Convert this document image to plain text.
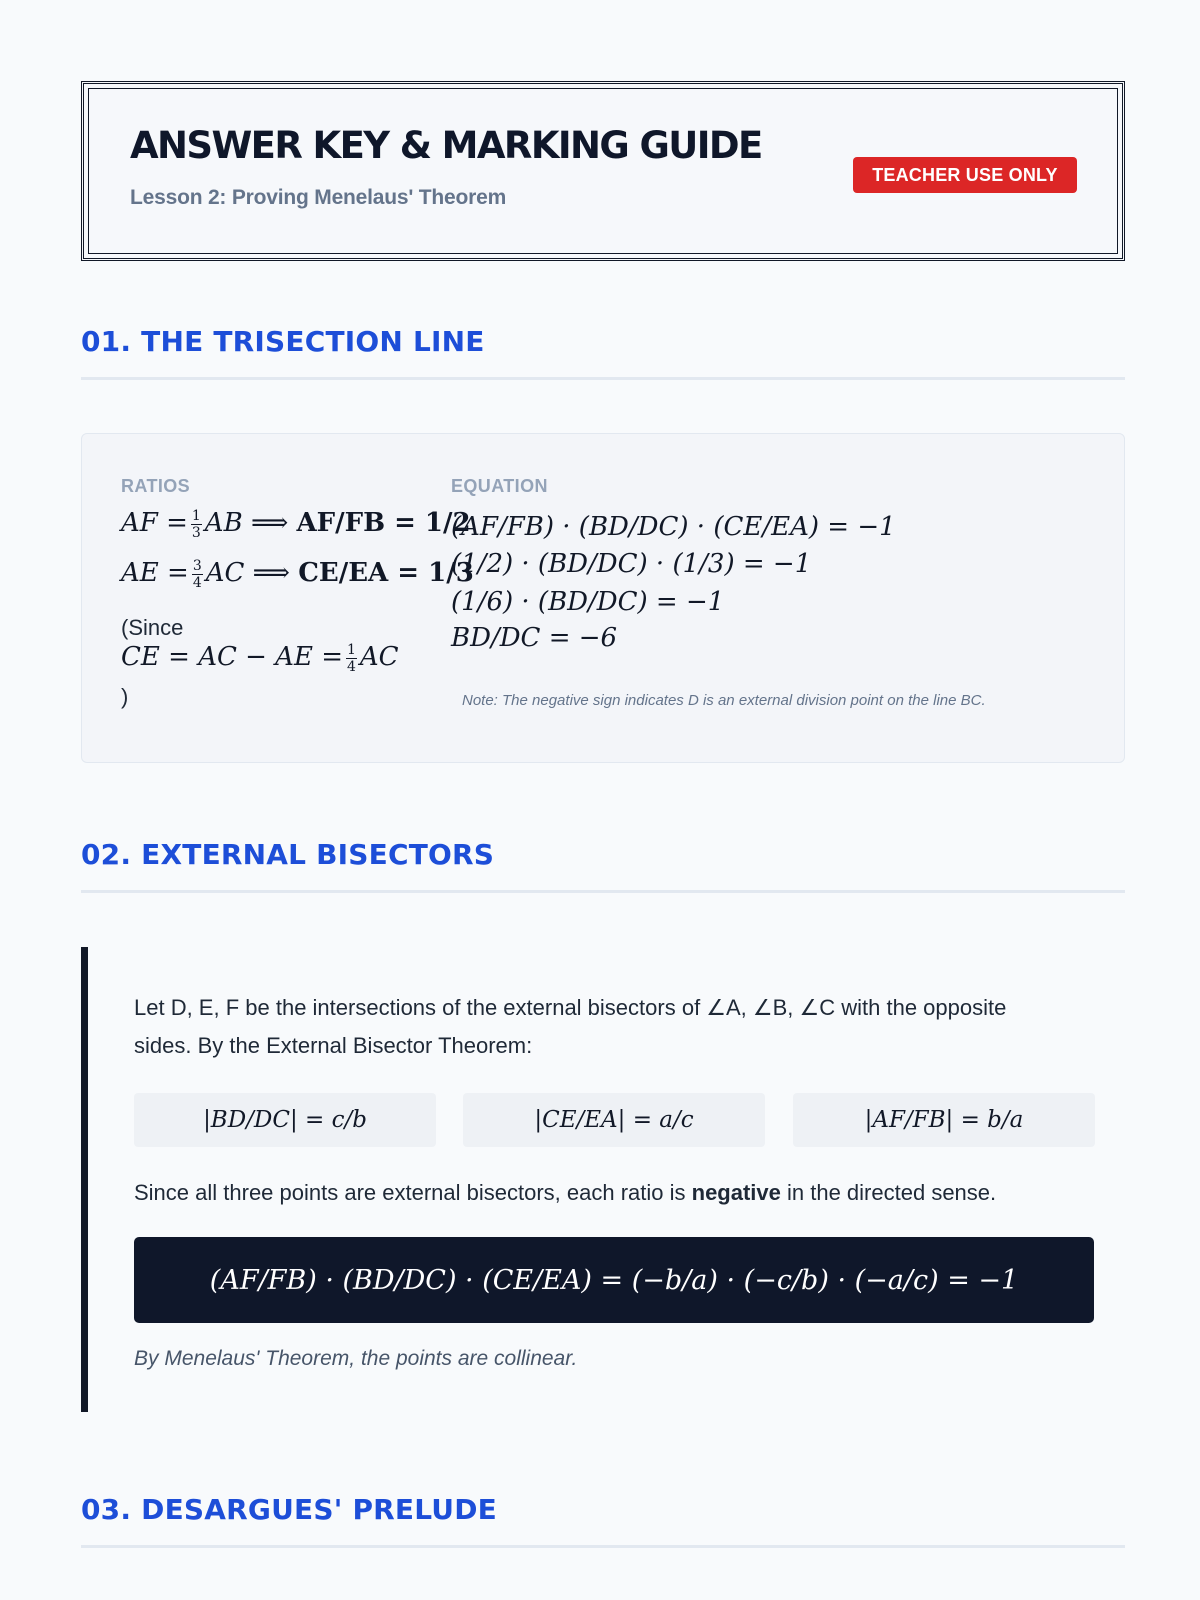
ANSWER KEY & MARKING GUIDE
Lesson 2: Proving Menelaus' Theorem
TEACHER USE ONLY
01. THE TRISECTION LINE
RATIOS	EQUATION
AF = $\frac{1}{3}$ AB ⟹ AF/FB = 1/2
AE = $\frac{3}{4}$ AC ⟹ CE/EA = 1/3
(Since
CE = AC − AE = $\frac{1}{4}$ AC
)
(AF/FB) · (BD/DC) · (CE/EA) = −1
(1/2) · (BD/DC) · (1/3) = −1
(1/6) · (BD/DC) = −1
BD/DC = −6
Note: The negative sign indicates D is an external division point on the line BC.
02. EXTERNAL BISECTORS
Let D, E, F be the intersections of the external bisectors of ∠A, ∠B, ∠C with the opposite sides. By the External Bisector Theorem:
|BD/DC| = c/b	|CE/EA| = a/c	|AF/FB| = b/a
Since all three points are external bisectors, each ratio is negative in the directed sense.
(AF/FB) · (BD/DC) · (CE/EA) = (−b/a) · (−c/b) · (−a/c) = −1
By Menelaus' Theorem, the points are collinear.
03. DESARGUES' PRELUDE
